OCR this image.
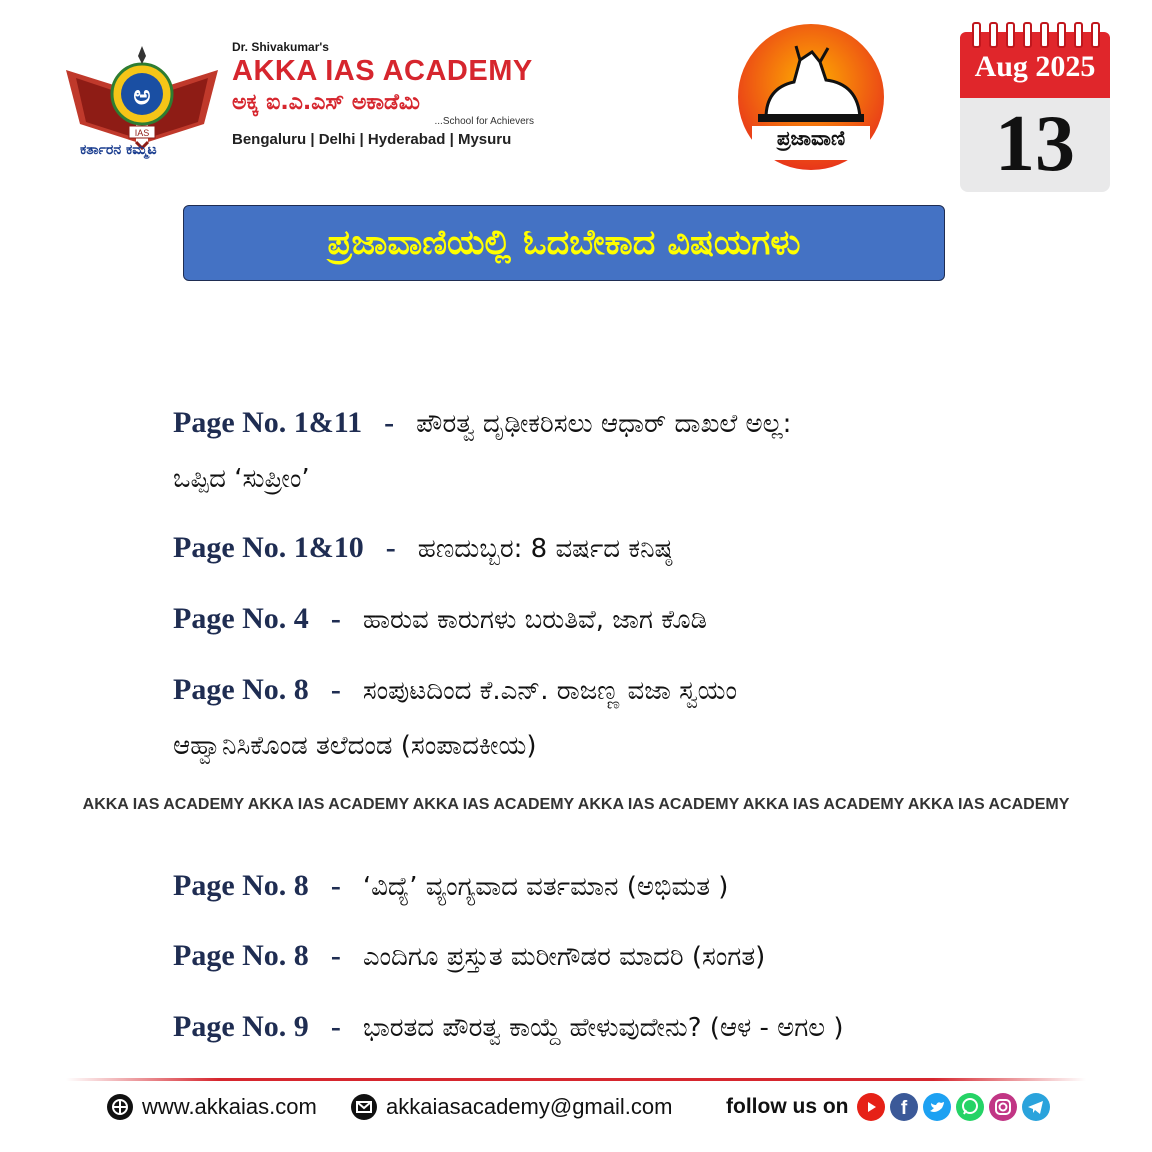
ಅ
IAS
ಕರ್ತಾರನ ಕಮ್ಮಟ
Dr. Shivakumar's
AKKA IAS ACADEMY
ಅಕ್ಕ ಐ.ಎ.ಎಸ್ ಅಕಾಡೆಮಿ
...School for Achievers
Bengaluru | Delhi | Hyderabad | Mysuru	ಪ್ರಜಾವಾಣಿ
Aug 2025
13
ಪ್ರಜಾವಾಣಿಯಲ್ಲಿ ಓದಬೇಕಾದ ವಿಷಯಗಳು
Page No. 1&11 - ಪೌರತ್ವ ದೃಢೀಕರಿಸಲು ಆಧಾರ್ ದಾಖಲೆ ಅಲ್ಲ:
ಒಪ್ಪಿದ ‘ಸುಪ್ರೀಂ’
Page No. 1&10 - ಹಣದುಬ್ಬರ: 8 ವರ್ಷದ ಕನಿಷ್ಠ
Page No. 4 - ಹಾರುವ ಕಾರುಗಳು ಬರುತಿವೆ, ಜಾಗ ಕೊಡಿ
Page No. 8 - ಸಂಪುಟದಿಂದ ಕೆ.ಎನ್. ರಾಜಣ್ಣ ವಜಾ ಸ್ವಯಂ
ಆಹ್ವಾನಿಸಿಕೊಂಡ ತಲೆದಂಡ (ಸಂಪಾದಕೀಯ)
AKKA IAS ACADEMY AKKA IAS ACADEMY AKKA IAS ACADEMY AKKA IAS ACADEMY AKKA IAS ACADEMY AKKA IAS ACADEMY
Page No. 8 - ‘ವಿದ್ಯೆ’ ವ್ಯಂಗ್ಯವಾದ ವರ್ತಮಾನ (ಅಭಿಮತ )
Page No. 8 - ಎಂದಿಗೂ ಪ್ರಸ್ತುತ ಮರೀಗೌಡರ ಮಾದರಿ (ಸಂಗತ)
Page No. 9 - ಭಾರತದ ಪೌರತ್ವ ಕಾಯ್ದೆ ಹೇಳುವುದೇನು? (ಆಳ - ಅಗಲ )
www.akkaias.com	akkaiasacademy@gmail.com	follow us on	f
